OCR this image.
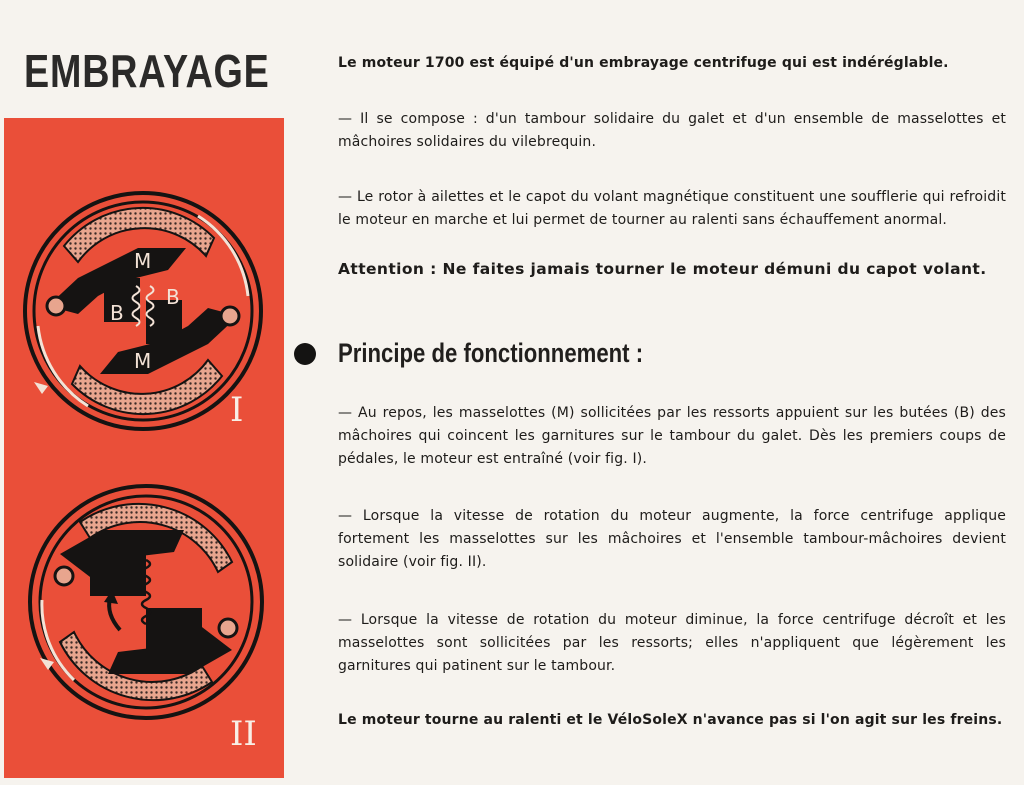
EMBRAYAGE
M
M
B
B
I
II

Le moteur 1700 est équipé d'un embrayage centrifuge qui est indéréglable.

— Il se compose : d'un tambour solidaire du galet et d'un ensemble de masselottes et mâchoires solidaires du vilebrequin.

— Le rotor à ailettes et le capot du volant magnétique constituent une soufflerie qui refroidit le moteur en marche et lui permet de tourner au ralenti sans échauffement anormal.

Attention : Ne faites jamais tourner le moteur démuni du capot volant.

Principe de fonctionnement :

— Au repos, les masselottes (M) sollicitées par les ressorts appuient sur les butées (B) des mâchoires qui coincent les garnitures sur le tambour du galet. Dès les premiers coups de pédales, le moteur est entraîné (voir fig. I).

— Lorsque la vitesse de rotation du moteur augmente, la force centrifuge applique fortement les masselottes sur les mâchoires et l'ensemble tambour-mâchoires devient solidaire (voir fig. II).

— Lorsque la vitesse de rotation du moteur diminue, la force centrifuge décroît et les masselottes sont sollicitées par les ressorts; elles n'appliquent que légèrement les garnitures qui patinent sur le tambour.

Le moteur tourne au ralenti et le VéloSoleX n'avance pas si l'on agit sur les freins.
